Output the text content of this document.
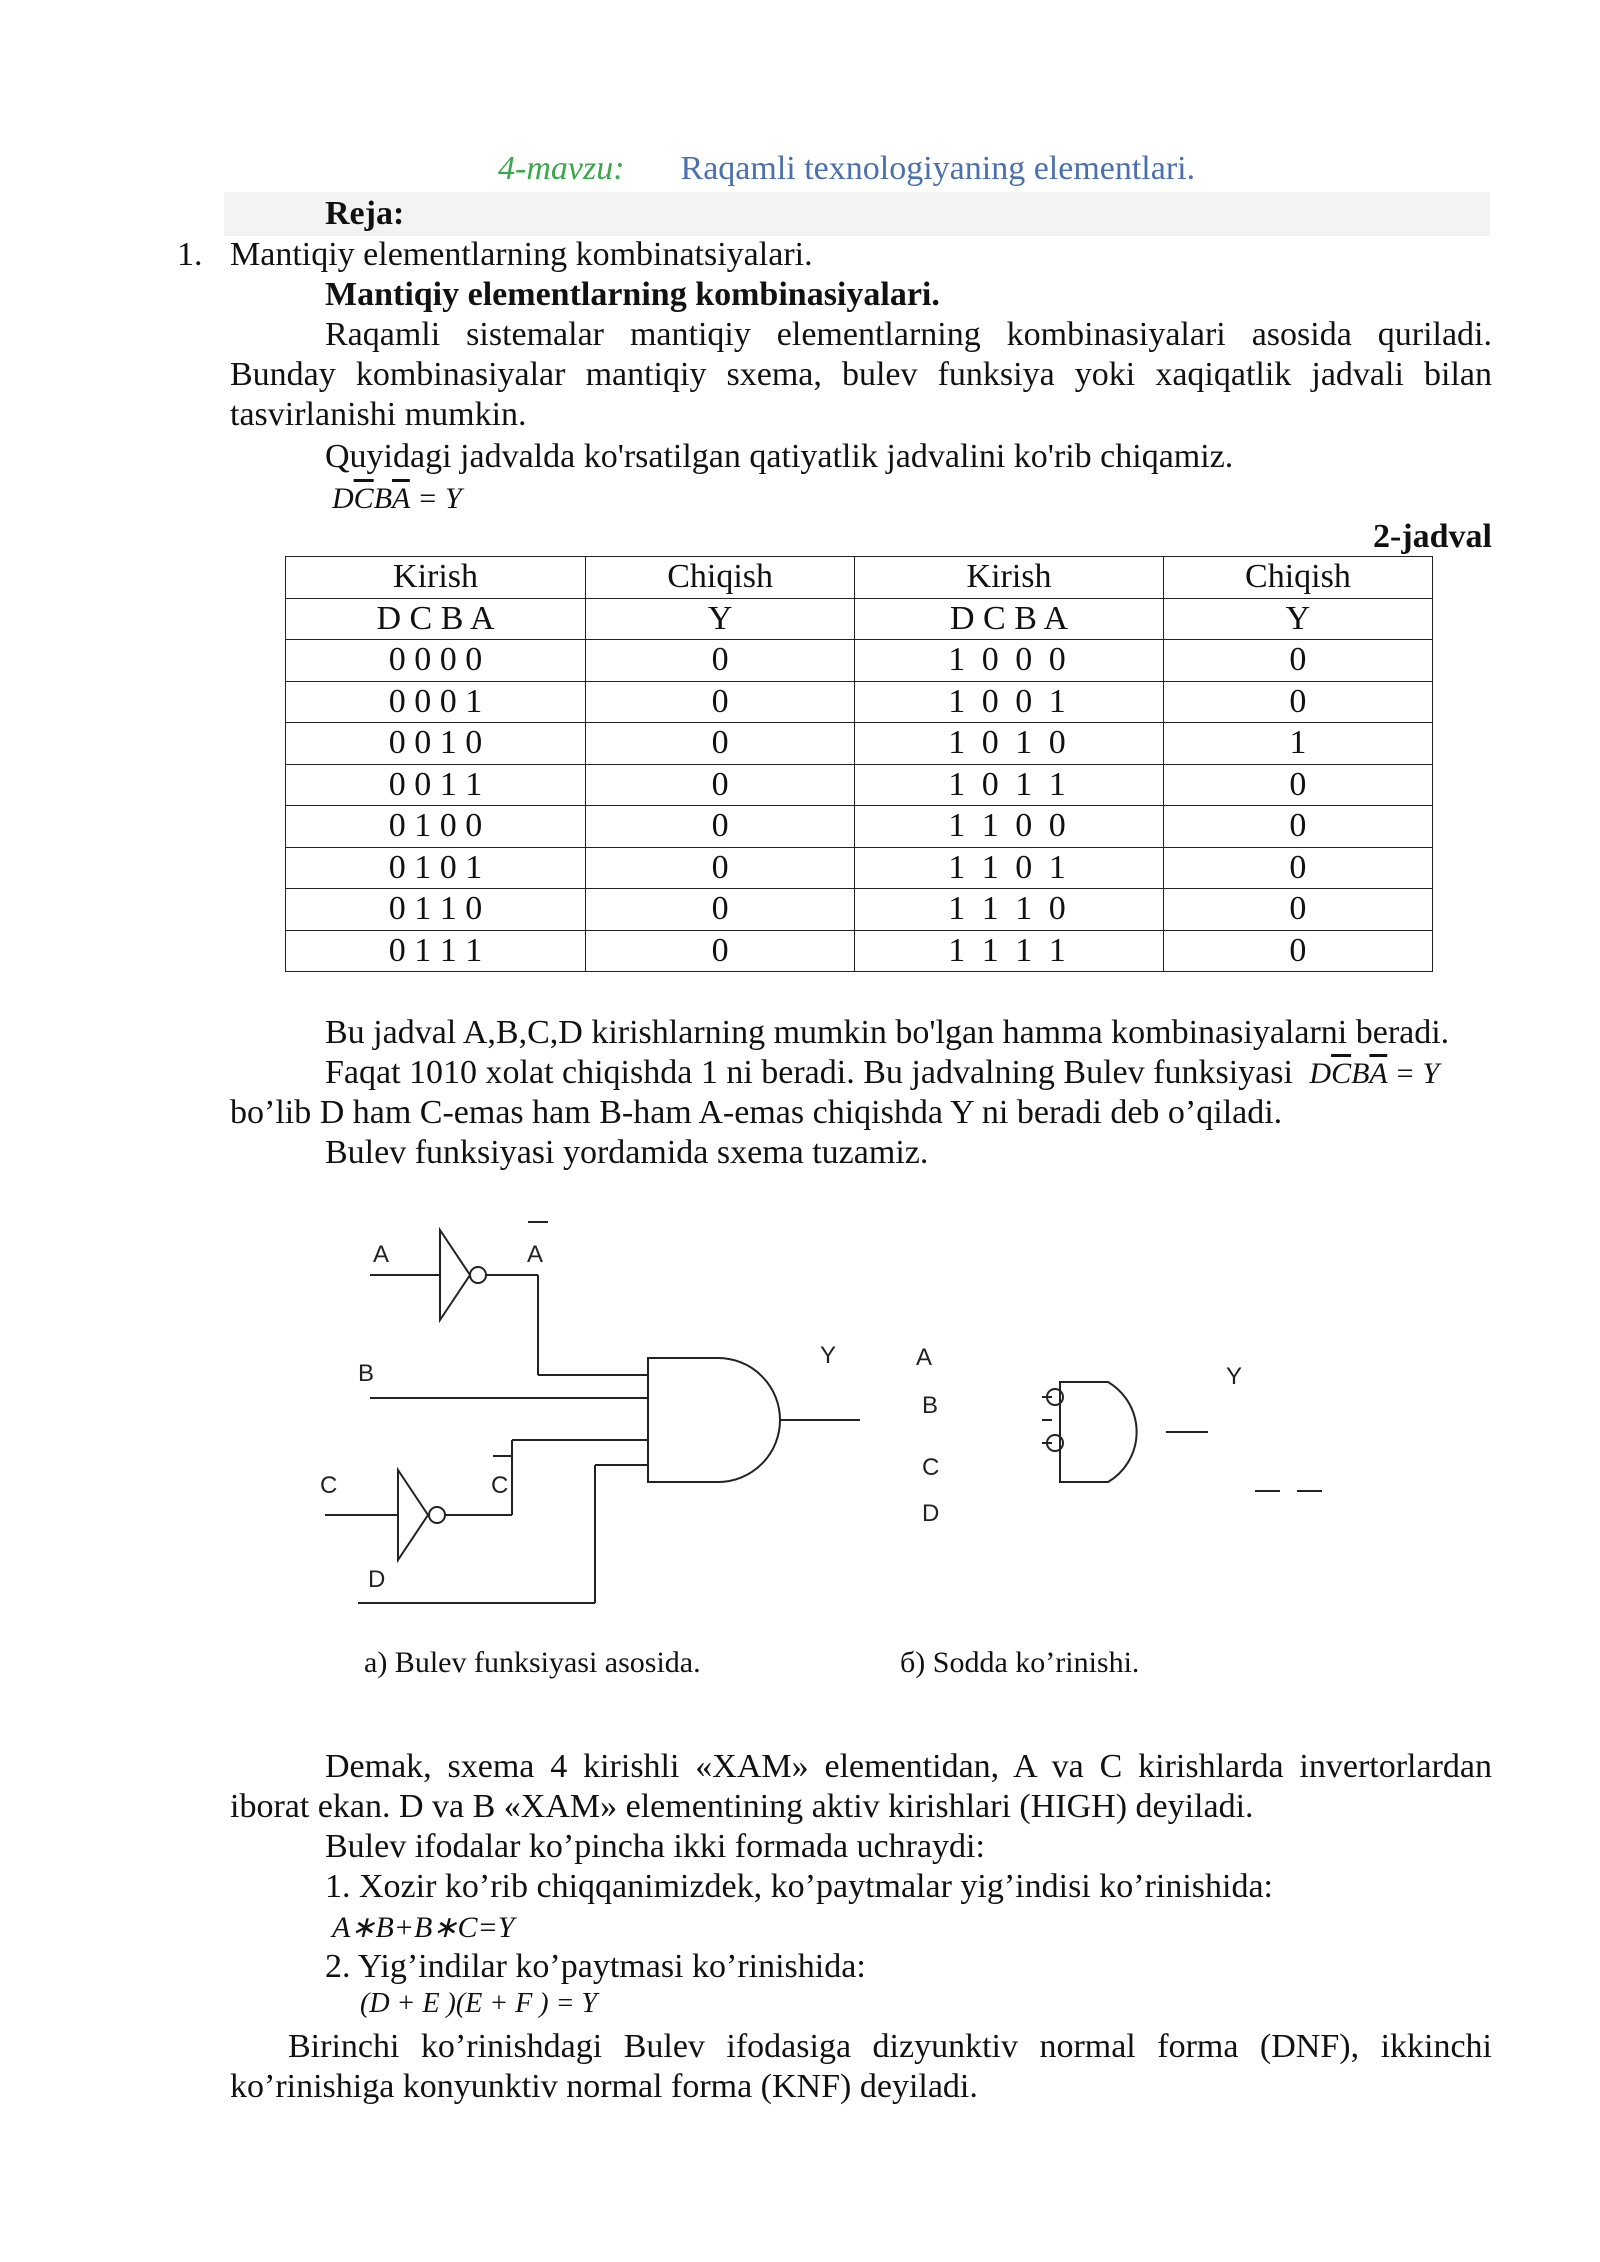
4-mavzu: Raqamli texnologiyaning elementlari.
Reja:
1. Mantiqiy elementlarning kombinatsiyalari.
Mantiqiy elementlarning kombinasiyalari.
Raqamli sistemalar mantiqiy elementlarning kombinasiyalari asosida quriladi. Bunday kombinasiyalar mantiqiy sxema, bulev funksiya yoki xaqiqatlik jadvali bilan tasvirlanishi mumkin.
Quyidagi jadvalda ko'rsatilgan qatiyatlik jadvalini ko'rib chiqamiz.
$D\overline{C}B\overline{A} = Y$
2-jadval
Kirish	Chiqish	Kirish	Chiqish
D C B A	Y	D C B A	Y
0 0 0 0	0	1 0 0 0	0
0 0 0 1	0	1 0 0 1	0
0 0 1 0	0	1 0 1 0	1
0 0 1 1	0	1 0 1 1	0
0 1 0 0	0	1 1 0 0	0
0 1 0 1	0	1 1 0 1	0
0 1 1 0	0	1 1 1 0	0
0 1 1 1	0	1 1 1 1	0
Bu jadval A,B,C,D kirishlarning mumkin bo'lgan hamma kombinasiyalarni beradi.
Faqat 1010 xolat chiqishda 1 ni beradi. Bu jadvalning Bulev funksiyasi $D\overline{C}B\overline{A} = Y$
bo’lib D ham C-emas ham B-ham A-emas chiqishda Y ni beradi deb o’qiladi.
Bulev funksiyasi yordamida sxema tuzamiz.
A	A
B
C	C
D
Y	A
B
C
D
Y
a) Bulev funksiyasi asosida.	б) Sodda ko’rinishi.
Demak, sxema 4 kirishli «XAM» elementidan, A va C kirishlarda invertorlardan iborat ekan. D va B «XAM» elementining aktiv kirishlari (HIGH) deyiladi.
Bulev ifodalar ko’pincha ikki formada uchraydi:
1. Xozir ko’rib chiqqanimizdek, ko’paytmalar yig’indisi ko’rinishida:
A∗B+B∗C=Y
2. Yig’indilar ko’paytmasi ko’rinishida:
(D + E )(E + F ) = Y
Birinchi ko’rinishdagi Bulev ifodasiga dizyunktiv normal forma (DNF), ikkinchi ko’rinishiga konyunktiv normal forma (KNF) deyiladi.
